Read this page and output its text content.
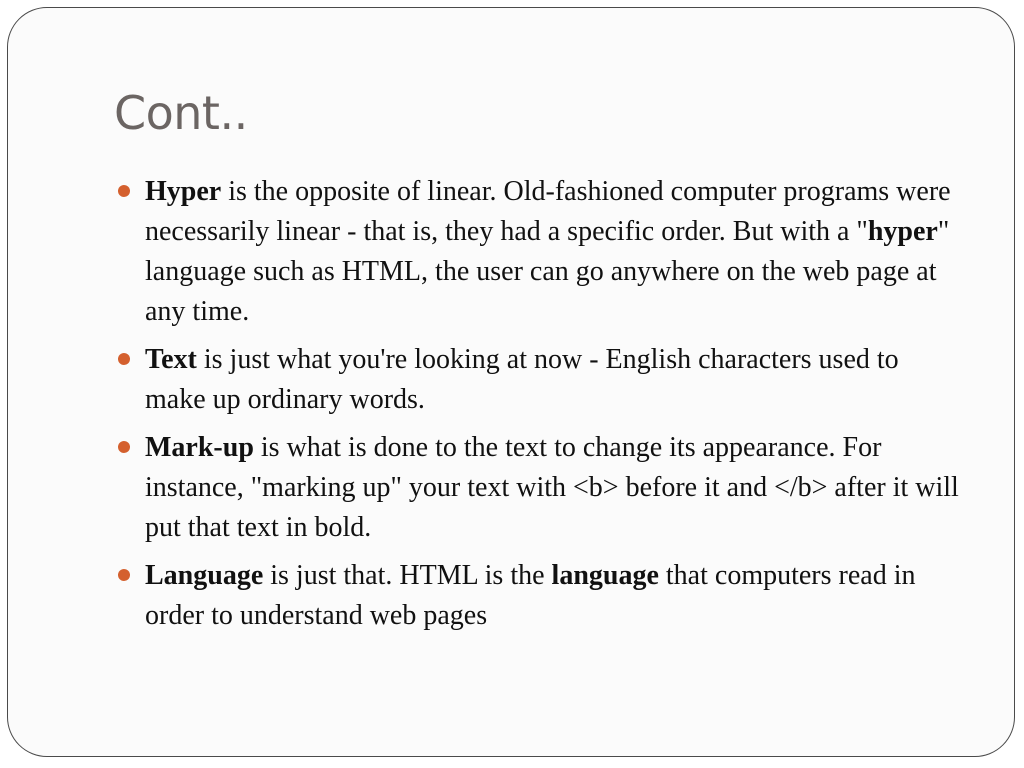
Cont..
Hyper is the opposite of linear. Old-fashioned computer programs were necessarily linear - that is, they had a specific order. But with a "hyper" language such as HTML, the user can go anywhere on the web page at any time.
Text is just what you're looking at now - English characters used to make up ordinary words.
Mark-up is what is done to the text to change its appearance. For instance, "marking up" your text with <b> before it and </b> after it will put that text in bold.
Language is just that. HTML is the language that computers read in order to understand web pages
